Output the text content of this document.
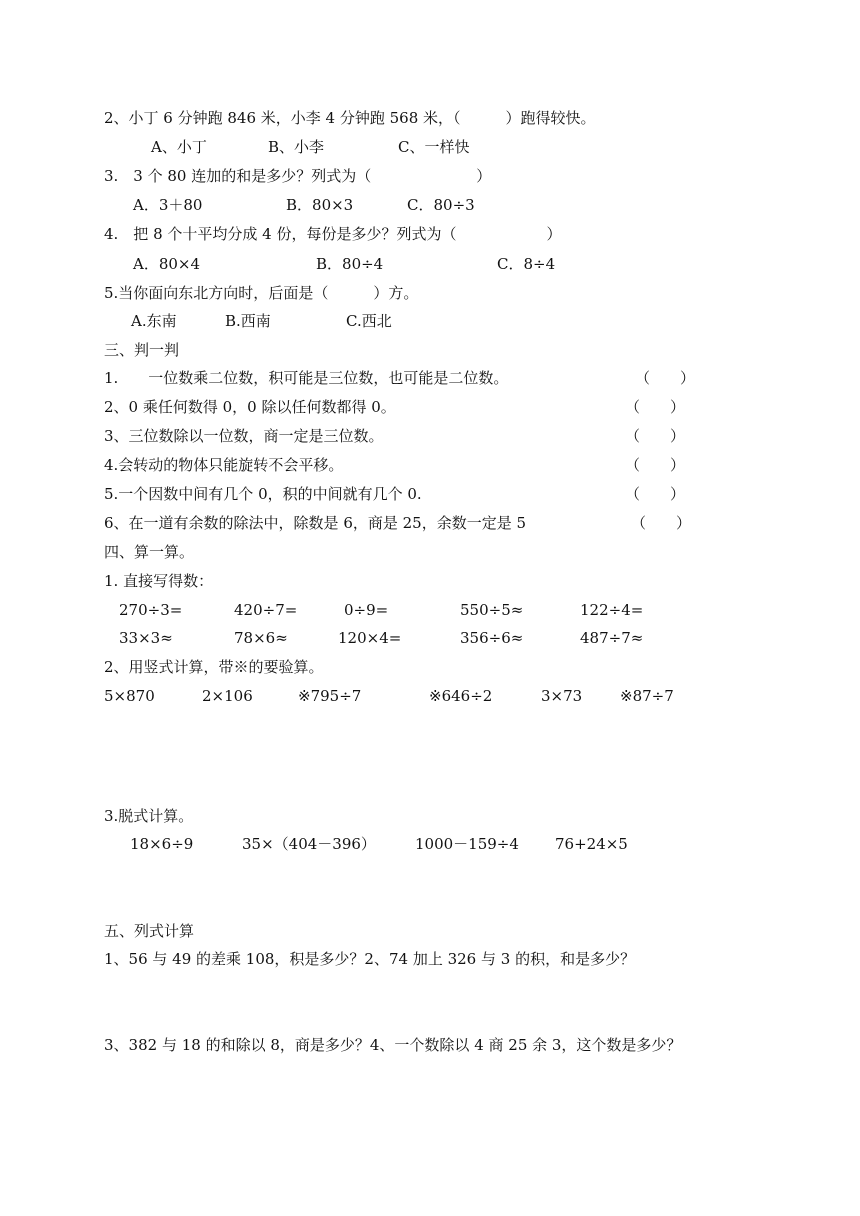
2、小丁 6 分钟跑 846 米，小李 4 分钟跑 568 米，（　　　）跑得较快。
A、小丁	B、小李	C、一样快
3.　3 个 80 连加的和是多少？列式为（　　　　　　　）
A．3＋80	B．80×3	C．80÷3
4.　把 8 个十平均分成 4 份，每份是多少？列式为（　　　　　　）
A．80×4	B．80÷4	C．8÷4
5.当你面向东北方向时，后面是（　　　）方。
A.东南	B.西南	C.西北
三、判一判
1.　　一位数乘二位数，积可能是三位数，也可能是二位数。	（　　）
2、0 乘任何数得 0，0 除以任何数都得 0。	（　　）
3、三位数除以一位数，商一定是三位数。	（　　）
4.会转动的物体只能旋转不会平移。	（　　）
5.一个因数中间有几个 0，积的中间就有几个 0.	（　　）
6、在一道有余数的除法中，除数是 6，商是 25，余数一定是 5	（　　）
四、算一算。
1. 直接写得数：
270÷3=	420÷7=	0÷9=	550÷5≈	122÷4=
33×3≈	78×6≈	120×4=	356÷6≈	487÷7≈
2、用竖式计算，带※的要验算。
5×870	2×106	※795÷7	※646÷2	3×73	※87÷7
3.脱式计算。
18×6÷9	35×（404－396）	1000－159÷4 76+24×5
五、列式计算
1、56 与 49 的差乘 108，积是多少？2、74 加上 326 与 3 的积，和是多少？
3、382 与 18 的和除以 8，商是多少？4、一个数除以 4 商 25 余 3，这个数是多少？
